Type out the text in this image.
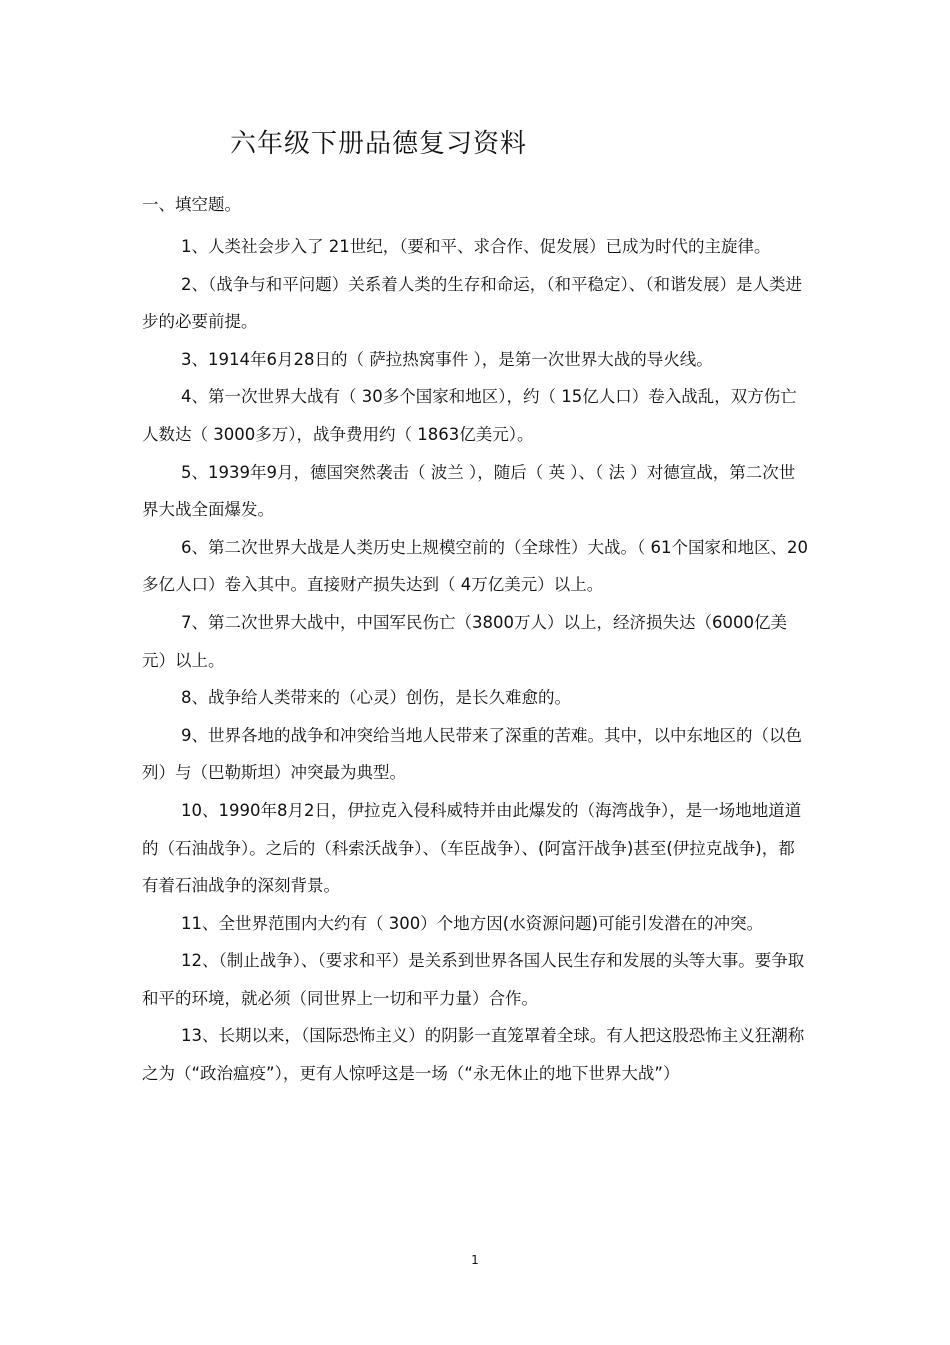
六年级下册品德复习资料

一、填空题。

1、人类社会步入了 21世纪，（要和平、求合作、促发展）已成为时代的主旋律。
2、（战争与和平问题）关系着人类的生存和命运，（和平稳定）、（和谐发展）是人类进步的必要前提。
3、1914年6月28日的（ 萨拉热窝事件 ），是第一次世界大战的导火线。
4、第一次世界大战有（ 30多个国家和地区），约（ 15亿人口）卷入战乱，双方伤亡人数达（ 3000多万），战争费用约（ 1863亿美元）。
5、1939年9月，德国突然袭击（ 波兰 ），随后（ 英 ）、（ 法 ）对德宣战，第二次世界大战全面爆发。
6、第二次世界大战是人类历史上规模空前的（全球性）大战。（ 61个国家和地区、20多亿人口）卷入其中。直接财产损失达到（ 4万亿美元）以上。
7、第二次世界大战中，中国军民伤亡（3800万人）以上，经济损失达（6000亿美元）以上。
8、战争给人类带来的（心灵）创伤，是长久难愈的。
9、世界各地的战争和冲突给当地人民带来了深重的苦难。其中，以中东地区的（以色列）与（巴勒斯坦）冲突最为典型。
10、1990年8月2日，伊拉克入侵科威特并由此爆发的（海湾战争），是一场地地道道的（石油战争）。之后的（科索沃战争）、（车臣战争）、(阿富汗战争)甚至(伊拉克战争)，都有着石油战争的深刻背景。
11、全世界范围内大约有（ 300）个地方因(水资源问题)可能引发潜在的冲突。
12、（制止战争）、（要求和平）是关系到世界各国人民生存和发展的头等大事。要争取和平的环境，就必须（同世界上一切和平力量）合作。
13、长期以来，（国际恐怖主义）的阴影一直笼罩着全球。有人把这股恐怖主义狂潮称之为（“政治瘟疫”），更有人惊呼这是一场（“永无休止的地下世界大战”）
1
